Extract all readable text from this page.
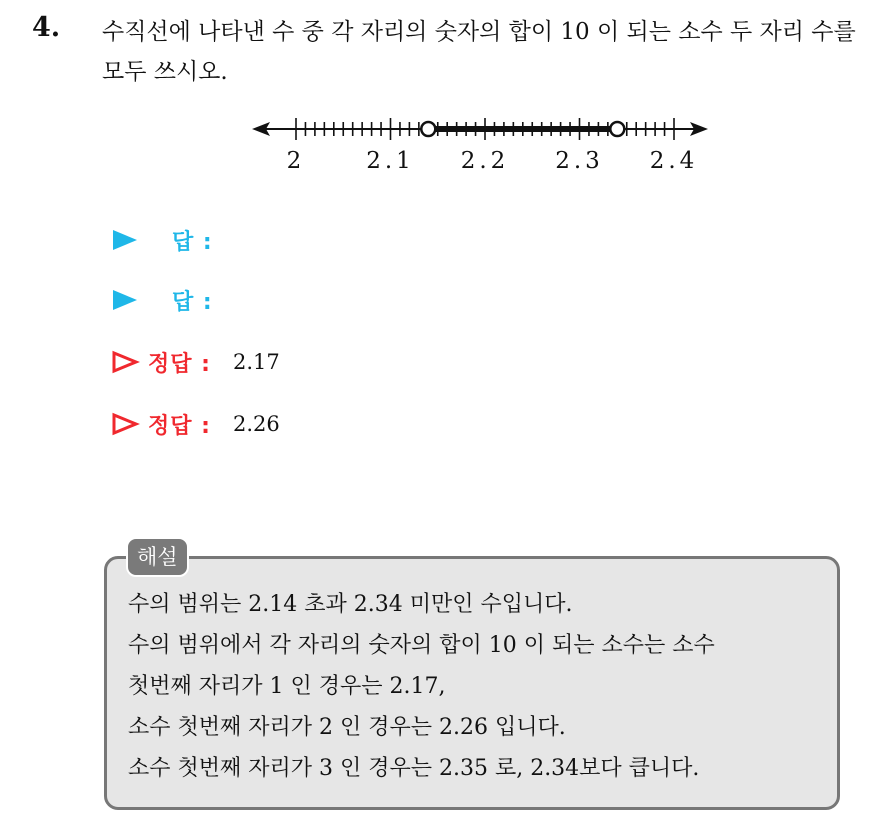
4. 수직선에 나타낸 수 중 각 자리의 숫자의 합이 10 이 되는 소수 두 자리 수를 모두 쓰시오.
2	2.1 2.2 2.3 2.4
답 :
답 :
정답 : 2.17
정답 : 2.26
해설
수의 범위는 2.14 초과 2.34 미만인 수입니다.
수의 범위에서 각 자리의 숫자의 합이 10 이 되는 소수는 소수
첫번째 자리가 1 인 경우는 2.17,
소수 첫번째 자리가 2 인 경우는 2.26 입니다.
소수 첫번째 자리가 3 인 경우는 2.35 로, 2.34보다 큽니다.
